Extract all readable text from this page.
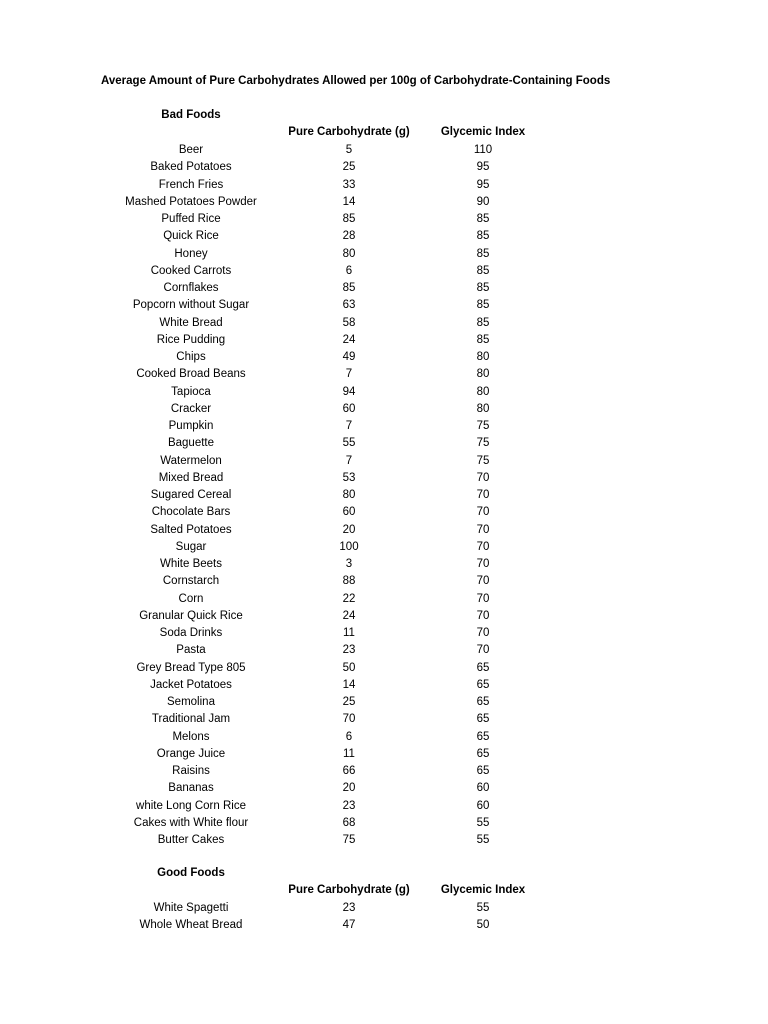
Average Amount of Pure Carbohydrates Allowed per 100g of Carbohydrate-Containing Foods
Bad Foods
Pure Carbohydrate (g)	Glycemic Index
Beer	5	110
Baked Potatoes	25	95
French Fries	33	95
Mashed Potatoes Powder	14	90
Puffed Rice	85	85
Quick Rice	28	85
Honey	80	85
Cooked Carrots	6	85
Cornflakes	85	85
Popcorn without Sugar	63	85
White Bread	58	85
Rice Pudding	24	85
Chips	49	80
Cooked Broad Beans	7	80
Tapioca	94	80
Cracker	60	80
Pumpkin	7	75
Baguette	55	75
Watermelon	7	75
Mixed Bread	53	70
Sugared Cereal	80	70
Chocolate Bars	60	70
Salted Potatoes	20	70
Sugar	100	70
White Beets	3	70
Cornstarch	88	70
Corn	22	70
Granular Quick Rice	24	70
Soda Drinks	11	70
Pasta	23	70
Grey Bread Type 805	50	65
Jacket Potatoes	14	65
Semolina	25	65
Traditional Jam	70	65
Melons	6	65
Orange Juice	11	65
Raisins	66	65
Bananas	20	60
white Long Corn Rice	23	60
Cakes with White flour	68	55
Butter Cakes	75	55
Good Foods
Pure Carbohydrate (g)	Glycemic Index
White Spagetti	23	55
Whole Wheat Bread	47	50
